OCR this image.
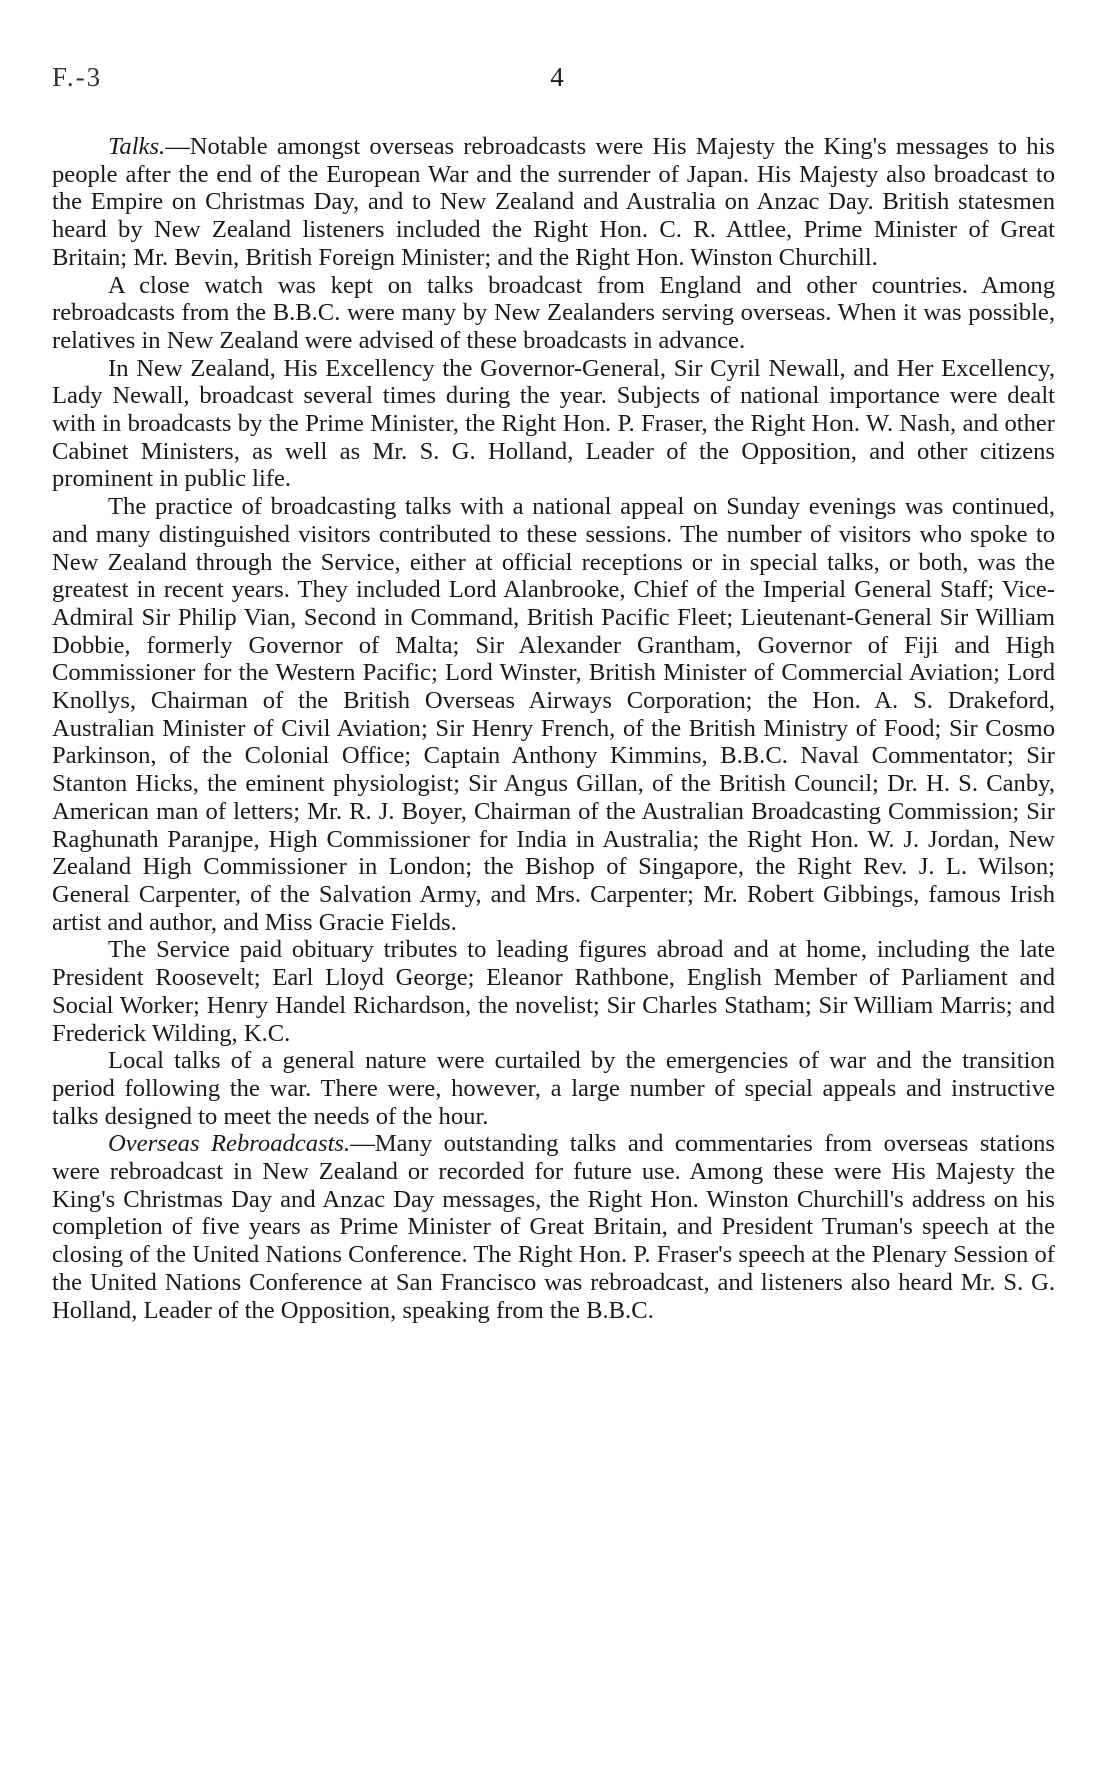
F.-3	4

Talks.—Notable amongst overseas rebroadcasts were His Majesty the King's messages to his people after the end of the European War and the surrender of Japan. His Majesty also broadcast to the Empire on Christmas Day, and to New Zealand and Australia on Anzac Day. British statesmen heard by New Zealand listeners included the Right Hon. C. R. Attlee, Prime Minister of Great Britain; Mr. Bevin, British Foreign Minister; and the Right Hon. Winston Churchill.

A close watch was kept on talks broadcast from England and other countries. Among rebroadcasts from the B.B.C. were many by New Zealanders serving overseas. When it was possible, relatives in New Zealand were advised of these broadcasts in advance.

In New Zealand, His Excellency the Governor-General, Sir Cyril Newall, and Her Excellency, Lady Newall, broadcast several times during the year. Subjects of national importance were dealt with in broadcasts by the Prime Minister, the Right Hon. P. Fraser, the Right Hon. W. Nash, and other Cabinet Ministers, as well as Mr. S. G. Holland, Leader of the Opposition, and other citizens prominent in public life.

The practice of broadcasting talks with a national appeal on Sunday evenings was continued, and many distinguished visitors contributed to these sessions. The number of visitors who spoke to New Zealand through the Service, either at official receptions or in special talks, or both, was the greatest in recent years. They included Lord Alanbrooke, Chief of the Imperial General Staff; Vice-Admiral Sir Philip Vian, Second in Command, British Pacific Fleet; Lieutenant-General Sir William Dobbie, formerly Governor of Malta; Sir Alexander Grantham, Governor of Fiji and High Commissioner for the Western Pacific; Lord Winster, British Minister of Commercial Aviation; Lord Knollys, Chairman of the British Overseas Airways Corporation; the Hon. A. S. Drakeford, Australian Minister of Civil Aviation; Sir Henry French, of the British Ministry of Food; Sir Cosmo Parkinson, of the Colonial Office; Captain Anthony Kimmins, B.B.C. Naval Commentator; Sir Stanton Hicks, the eminent physiologist; Sir Angus Gillan, of the British Council; Dr. H. S. Canby, American man of letters; Mr. R. J. Boyer, Chairman of the Australian Broadcasting Commission; Sir Raghunath Paranjpe, High Commissioner for India in Australia; the Right Hon. W. J. Jordan, New Zealand High Commissioner in London; the Bishop of Singapore, the Right Rev. J. L. Wilson; General Carpenter, of the Salvation Army, and Mrs. Carpenter; Mr. Robert Gibbings, famous Irish artist and author, and Miss Gracie Fields.

The Service paid obituary tributes to leading figures abroad and at home, including the late President Roosevelt; Earl Lloyd George; Eleanor Rathbone, English Member of Parliament and Social Worker; Henry Handel Richardson, the novelist; Sir Charles Statham; Sir William Marris; and Frederick Wilding, K.C.

Local talks of a general nature were curtailed by the emergencies of war and the transition period following the war. There were, however, a large number of special appeals and instructive talks designed to meet the needs of the hour.

Overseas Rebroadcasts.—Many outstanding talks and commentaries from overseas stations were rebroadcast in New Zealand or recorded for future use. Among these were His Majesty the King's Christmas Day and Anzac Day messages, the Right Hon. Winston Churchill's address on his completion of five years as Prime Minister of Great Britain, and President Truman's speech at the closing of the United Nations Conference. The Right Hon. P. Fraser's speech at the Plenary Session of the United Nations Conference at San Francisco was rebroadcast, and listeners also heard Mr. S. G. Holland, Leader of the Opposition, speaking from the B.B.C.
